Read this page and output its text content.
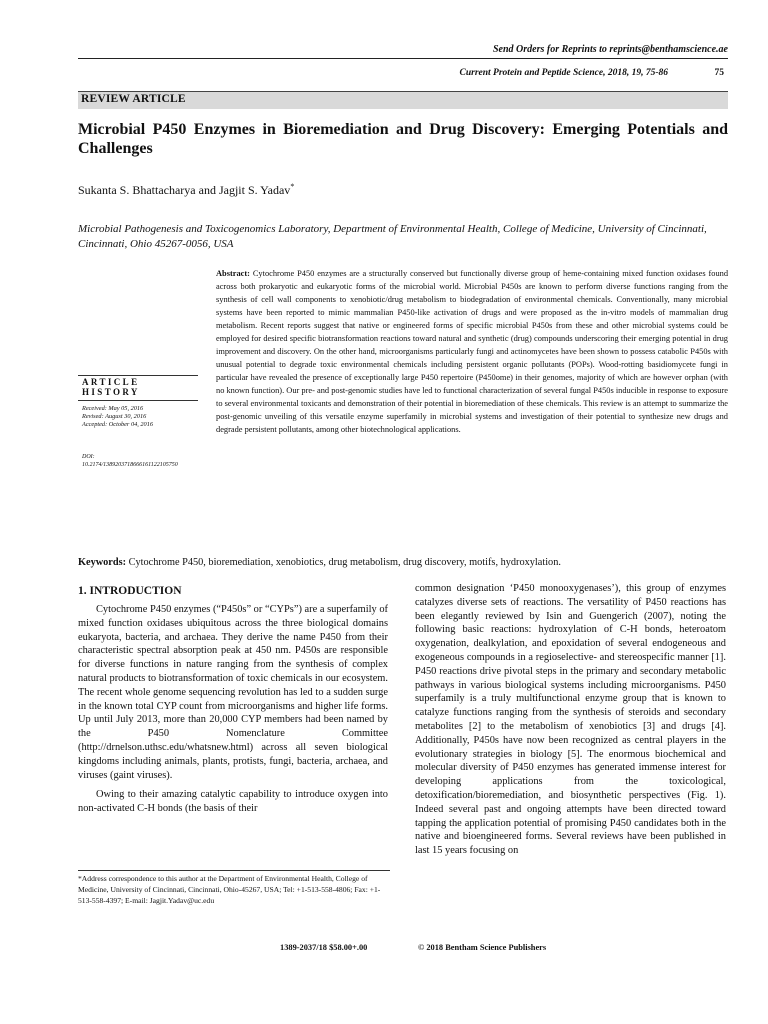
Send Orders for Reprints to reprints@benthamscience.ae
Current Protein and Peptide Science, 2018, 19, 75-86	75
REVIEW ARTICLE
Microbial P450 Enzymes in Bioremediation and Drug Discovery: Emerging Potentials and Challenges
Sukanta S. Bhattacharya and Jagjit S. Yadav*
Microbial Pathogenesis and Toxicogenomics Laboratory, Department of Environmental Health, College of Medicine, University of Cincinnati, Cincinnati, Ohio 45267-0056, USA
ARTICLE HISTORY
Received: May 05, 2016
Revised: August 30, 2016
Accepted: October 04, 2016
DOI:
10.2174/1389203718666161122105750
Abstract: Cytochrome P450 enzymes are a structurally conserved but functionally diverse group of heme-containing mixed function oxidases found across both prokaryotic and eukaryotic forms of the microbial world. Microbial P450s are known to perform diverse functions ranging from the synthesis of cell wall components to xenobiotic/drug metabolism to biodegradation of environmental chemicals. Conventionally, many microbial systems have been reported to mimic mammalian P450-like activation of drugs and were proposed as the in-vitro models of mammalian drug metabolism. Recent reports suggest that native or engineered forms of specific microbial P450s from these and other microbial systems could be employed for desired specific biotransformation reactions toward natural and synthetic (drug) compounds underscoring their emerging potential in drug improvement and discovery. On the other hand, microorganisms particularly fungi and actinomycetes have been shown to possess catabolic P450s with unusual potential to degrade toxic environmental chemicals including persistent organic pollutants (POPs). Wood-rotting basidiomycete fungi in particular have revealed the presence of exceptionally large P450 repertoire (P450ome) in their genomes, majority of which are however orphan (with no known function). Our pre- and post-genomic studies have led to functional characterization of several fungal P450s inducible in response to exposure to several environmental toxicants and demonstration of their potential in bioremediation of these chemicals. This review is an attempt to summarize the post-genomic unveiling of this versatile enzyme superfamily in microbial systems and investigation of their potential to synthesize new drugs and degrade persistent pollutants, among other biotechnological applications.
Keywords: Cytochrome P450, bioremediation, xenobiotics, drug metabolism, drug discovery, motifs, hydroxylation.
1. INTRODUCTION

Cytochrome P450 enzymes (“P450s” or “CYPs”) are a superfamily of mixed function oxidases ubiquitous across the three biological domains eukaryota, bacteria, and archaea. They derive the name P450 from their characteristic spectral absorption peak at 450 nm. P450s are responsible for diverse functions in nature ranging from the synthesis of complex natural products to biotransformation of toxic chemicals in our ecosystem. The recent whole genome sequencing revolution has led to a sudden surge in the known total CYP count from microorganisms and higher life forms. Up until July 2013, more than 20,000 CYP members had been named by the P450 Nomenclature Committee (http://drnelson.uthsc.edu/whatsnew.html) across all seven biological kingdoms including animals, plants, protists, fungi, bacteria, archaea, and viruses (gaint viruses).

Owing to their amazing catalytic capability to introduce oxygen into non-activated C-H bonds (the basis of their

common designation ‘P450 monooxygenases’), this group of enzymes catalyzes diverse sets of reactions. The versatility of P450 reactions has been elegantly reviewed by Isin and Guengerich (2007), noting the following basic reactions: hydroxylation of C-H bonds, heteroatom oxygenation, dealkylation, and epoxidation of several endogeneous and exogeneous compounds in a regioselective- and stereospecific manner [1]. P450 reactions drive pivotal steps in the primary and secondary metabolic pathways in various biological systems including microorganisms. P450 superfamily is a truly multifunctional enzyme group that is known to catalyze functions ranging from the synthesis of steroids and secondary metabolites [2] to the metabolism of xenobiotics [3] and drugs [4]. Additionally, P450s have now been recognized as central players in the evolutionary strategies in biology [5]. The enormous biochemical and molecular diversity of P450 enzymes has generated immense interest for developing applications from the toxicological, detoxification/bioremediation, and biosynthetic perspectives (Fig. 1). Indeed several past and ongoing attempts have been directed toward tapping the application potential of promising P450 candidates both in the native and bioengineered forms. Several reviews have been published in last 15 years focusing on

*Address correspondence to this author at the Department of Environmental Health, College of Medicine, University of Cincinnati, Cincinnati, Ohio-45267, USA; Tel: +1-513-558-4806; Fax: +1-513-558-4397; E-mail: Jagjit.Yadav@uc.edu
1389-2037/18 $58.00+.00	© 2018 Bentham Science Publishers
